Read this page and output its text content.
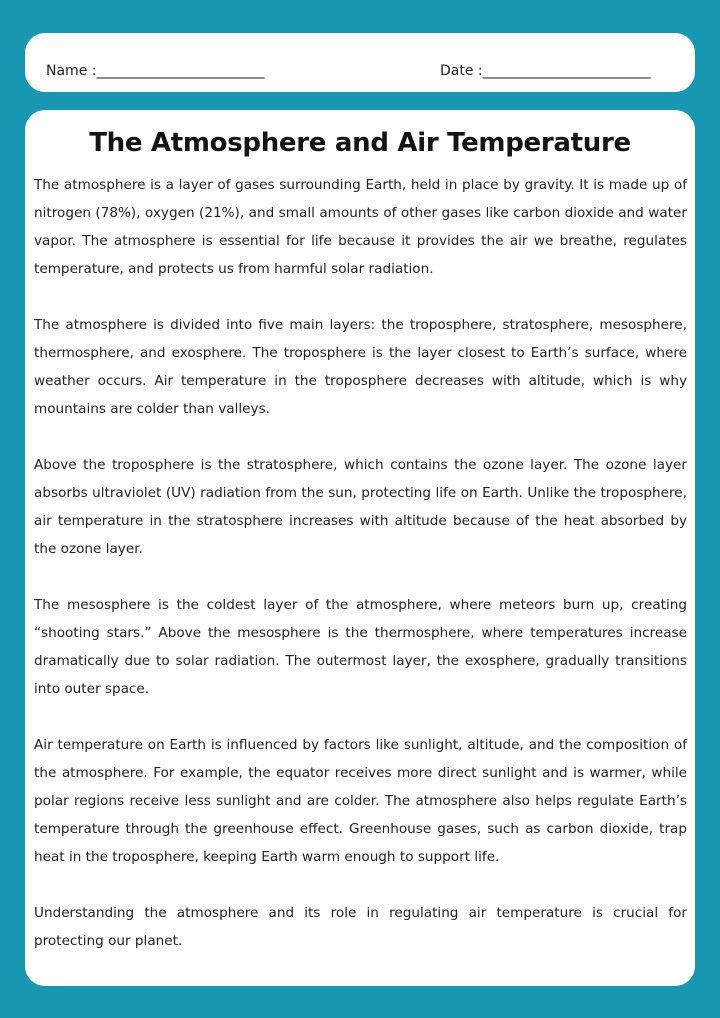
Name :________________________	Date :________________________
The Atmosphere and Air Temperature

The atmosphere is a layer of gases surrounding Earth, held in place by gravity. It is made up of nitrogen (78%), oxygen (21%), and small amounts of other gases like carbon dioxide and water vapor. The atmosphere is essential for life because it provides the air we breathe, regulates temperature, and protects us from harmful solar radiation.

The atmosphere is divided into five main layers: the troposphere, stratosphere, mesosphere, thermosphere, and exosphere. The troposphere is the layer closest to Earth’s surface, where weather occurs. Air temperature in the troposphere decreases with altitude, which is why mountains are colder than valleys.

Above the troposphere is the stratosphere, which contains the ozone layer. The ozone layer absorbs ultraviolet (UV) radiation from the sun, protecting life on Earth. Unlike the troposphere, air temperature in the stratosphere increases with altitude because of the heat absorbed by the ozone layer.

The mesosphere is the coldest layer of the atmosphere, where meteors burn up, creating “shooting stars.” Above the mesosphere is the thermosphere, where temperatures increase dramatically due to solar radiation. The outermost layer, the exosphere, gradually transitions into outer space.

Air temperature on Earth is influenced by factors like sunlight, altitude, and the composition of the atmosphere. For example, the equator receives more direct sunlight and is warmer, while polar regions receive less sunlight and are colder. The atmosphere also helps regulate Earth’s temperature through the greenhouse effect. Greenhouse gases, such as carbon dioxide, trap heat in the troposphere, keeping Earth warm enough to support life.

Understanding the atmosphere and its role in regulating air temperature is crucial for protecting our planet.
